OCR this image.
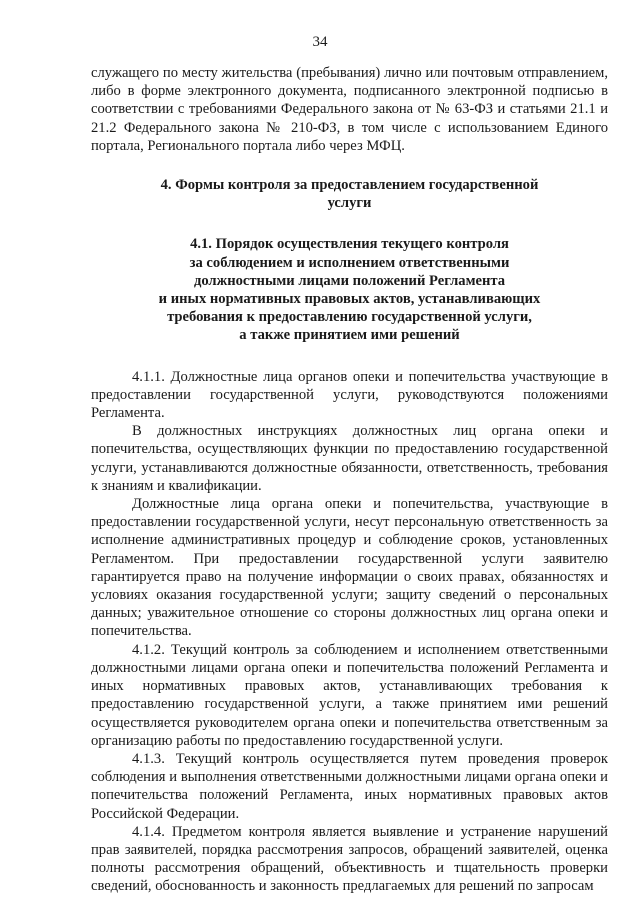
34

служащего по месту жительства (пребывания) лично или почтовым отправлением, либо в форме электронного документа, подписанного электронной подписью в соответствии с требованиями Федерального закона от № 63-ФЗ и статьями 21.1 и 21.2 Федерального закона № 210-ФЗ, в том числе с использованием Единого портала, Регионального портала либо через МФЦ.

4. Формы контроля за предоставлением государственной
услуги

4.1. Порядок осуществления текущего контроля
за соблюдением и исполнением ответственными
должностными лицами положений Регламента
и иных нормативных правовых актов, устанавливающих
требования к предоставлению государственной услуги,
а также принятием ими решений

4.1.1. Должностные лица органов опеки и попечительства участвующие в предоставлении государственной услуги, руководствуются положениями Регламента.

В должностных инструкциях должностных лиц органа опеки и попечительства, осуществляющих функции по предоставлению государственной услуги, устанавливаются должностные обязанности, ответственность, требования к знаниям и квалификации.

Должностные лица органа опеки и попечительства, участвующие в предоставлении государственной услуги, несут персональную ответственность за исполнение административных процедур и соблюдение сроков, установленных Регламентом. При предоставлении государственной услуги заявителю гарантируется право на получение информации о своих правах, обязанностях и условиях оказания государственной услуги; защиту сведений о персональных данных; уважительное отношение со стороны должностных лиц органа опеки и попечительства.

4.1.2. Текущий контроль за соблюдением и исполнением ответственными должностными лицами органа опеки и попечительства положений Регламента и иных нормативных правовых актов, устанавливающих требования к предоставлению государственной услуги, а также принятием ими решений осуществляется руководителем органа опеки и попечительства ответственным за организацию работы по предоставлению государственной услуги.

4.1.3. Текущий контроль осуществляется путем проведения проверок соблюдения и выполнения ответственными должностными лицами органа опеки и попечительства положений Регламента, иных нормативных правовых актов Российской Федерации.

4.1.4. Предметом контроля является выявление и устранение нарушений прав заявителей, порядка рассмотрения запросов, обращений заявителей, оценка полноты рассмотрения обращений, объективность и тщательность проверки сведений, обоснованность и законность предлагаемых для решений по запросам
